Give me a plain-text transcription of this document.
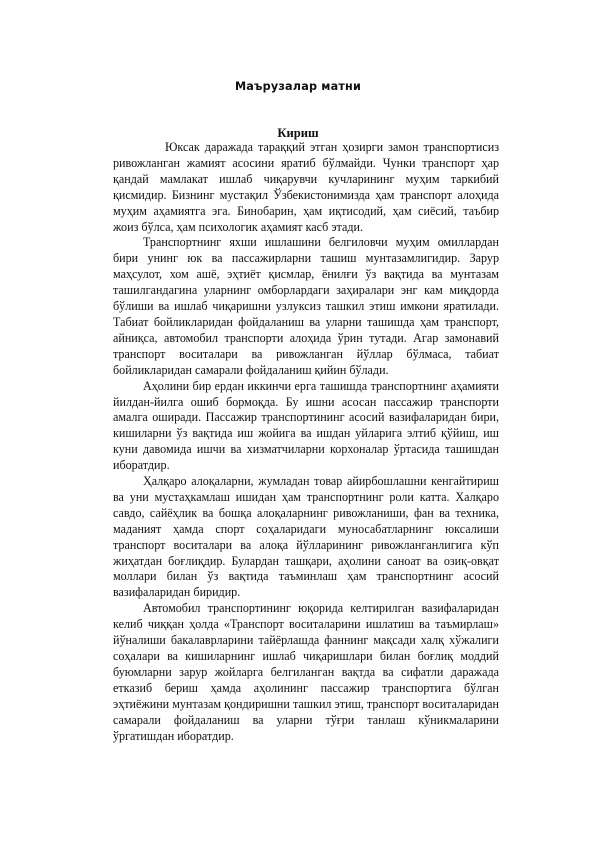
Маърузалар матни
Кириш

Юксак даражада тараққий этган ҳозирги замон транспортисиз ривожланган жамият асосини яратиб бўлмайди. Чунки транспорт ҳар қандай мамлакат ишлаб чиқарувчи кучларининг муҳим таркибий қисмидир. Бизнинг мустақил Ўзбекистонимизда ҳам транспорт алоҳида муҳим аҳамиятга эга. Бинобарин, ҳам иқтисодий, ҳам сиёсий, таъбир жоиз бўлса, ҳам психологик аҳамият касб этади.

Транспортнинг яхши ишлашини белгиловчи муҳим омиллардан бири унинг юк ва пассажирларни ташиш мунтазамлигидир. Зарур маҳсулот, хом ашё, эҳтиёт қисмлар, ёнилғи ўз вақтида ва мунтазам ташилгандагина уларнинг омборлардаги заҳиралари энг кам миқдорда бўлиши ва ишлаб чиқаришни узлуксиз ташкил этиш имкони яратилади. Табиат бойликларидан фойдаланиш ва уларни ташишда ҳам транспорт, айниқса, автомобил транспорти алоҳида ўрин тутади. Агар замонавий транспорт воситалари ва ривожланган йўллар бўлмаса, табиат бойликларидан самарали фойдаланиш қийин бўлади.

Аҳолини бир ердан иккинчи ерга ташишда транспортнинг аҳамияти йилдан-йилга ошиб бормоқда. Бу ишни асосан пассажир транспорти амалга оширади. Пассажир транспортининг асосий вазифаларидан бири, кишиларни ўз вақтида иш жойига ва ишдан уйларига элтиб қўйиш, иш куни давомида ишчи ва хизматчиларни корхоналар ўртасида ташишдан иборатдир.

Ҳалқаро алоқаларни, жумладан товар айирбошлашни кенгайтириш ва уни мустаҳкамлаш ишидан ҳам транспортнинг роли катта. Халқаро савдо, сайёҳлик ва бошқа алоқаларнинг ривожланиши, фан ва техника, маданият ҳамда спорт соҳаларидаги муносабатларнинг юксалиши транспорт воситалари ва алоқа йўлларининг ривожланганлигига кўп жиҳатдан боғлиқдир. Булардан ташқари, аҳолини саноат ва озиқ-овқат моллари билан ўз вақтида таъминлаш ҳам транспортнинг асосий вазифаларидан биридир.

Автомобил транспортининг юқорида келтирилган вазифаларидан келиб чиққан ҳолда «Транспорт воситаларини ишлатиш ва таъмирлаш» йўналиши бакалаврларини тайёрлашда фаннинг мақсади халқ хўжалиги соҳалари ва кишиларнинг ишлаб чиқаришлари билан боғлиқ моддий буюмларни зарур жойларга белгиланган вақтда ва сифатли даражада етказиб бериш ҳамда аҳолининг пассажир транспортига бўлган эҳтиёжини мунтазам қондиришни ташкил этиш, транспорт воситаларидан самарали фойдаланиш ва уларни тўғри танлаш кўникмаларини ўргатишдан иборатдир.
